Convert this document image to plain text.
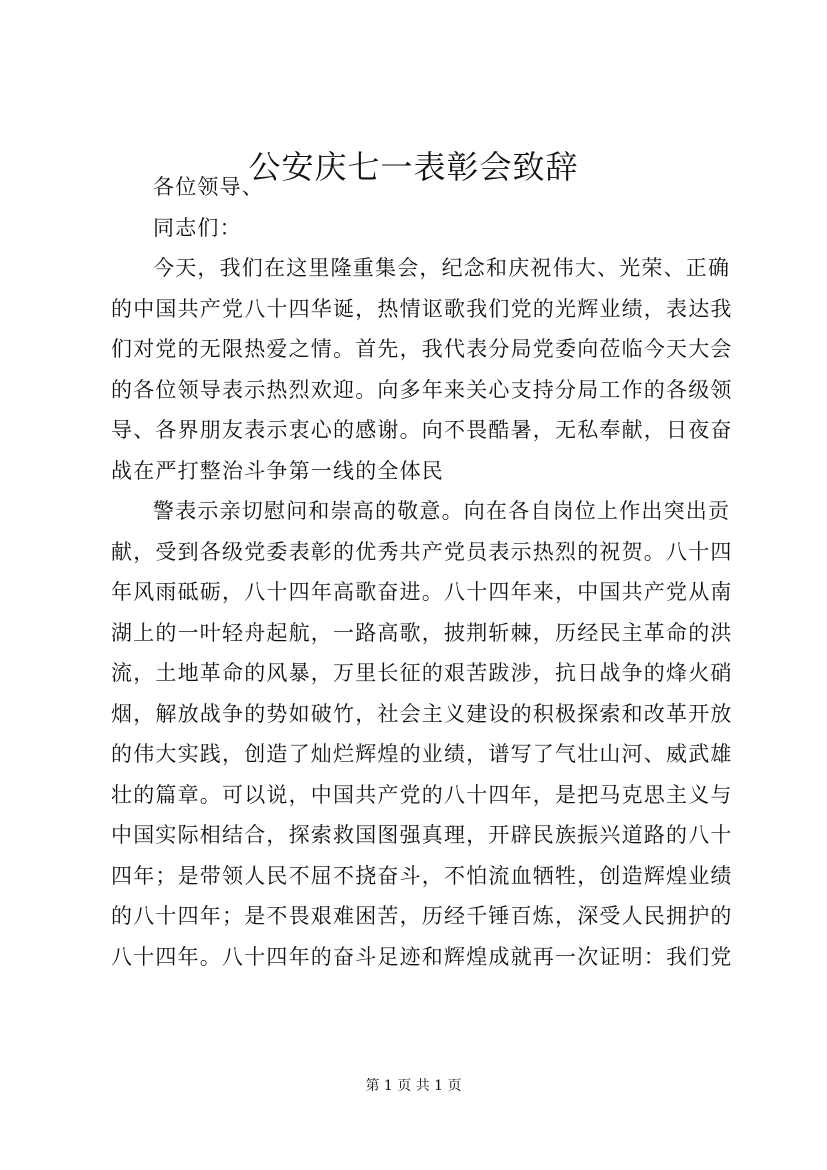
公安庆七一表彰会致辞
各位领导、
同志们：
今天，我们在这里隆重集会，纪念和庆祝伟大、光荣、正确
的中国共产党八十四华诞，热情讴歌我们党的光辉业绩，表达我
们对党的无限热爱之情。首先，我代表分局党委向莅临今天大会
的各位领导表示热烈欢迎。向多年来关心支持分局工作的各级领
导、各界朋友表示衷心的感谢。向不畏酷暑，无私奉献，日夜奋
战在严打整治斗争第一线的全体民
警表示亲切慰问和崇高的敬意。向在各自岗位上作出突出贡
献，受到各级党委表彰的优秀共产党员表示热烈的祝贺。八十四
年风雨砥砺，八十四年高歌奋进。八十四年来，中国共产党从南
湖上的一叶轻舟起航，一路高歌，披荆斩棘，历经民主革命的洪
流，土地革命的风暴，万里长征的艰苦跋涉，抗日战争的烽火硝
烟，解放战争的势如破竹，社会主义建设的积极探索和改革开放
的伟大实践，创造了灿烂辉煌的业绩，谱写了气壮山河、威武雄
壮的篇章。可以说，中国共产党的八十四年，是把马克思主义与
中国实际相结合，探索救国图强真理，开辟民族振兴道路的八十
四年；是带领人民不屈不挠奋斗，不怕流血牺牲，创造辉煌业绩
的八十四年；是不畏艰难困苦，历经千锤百炼，深受人民拥护的
八十四年。八十四年的奋斗足迹和辉煌成就再一次证明：我们党
第 1 页 共 1 页
